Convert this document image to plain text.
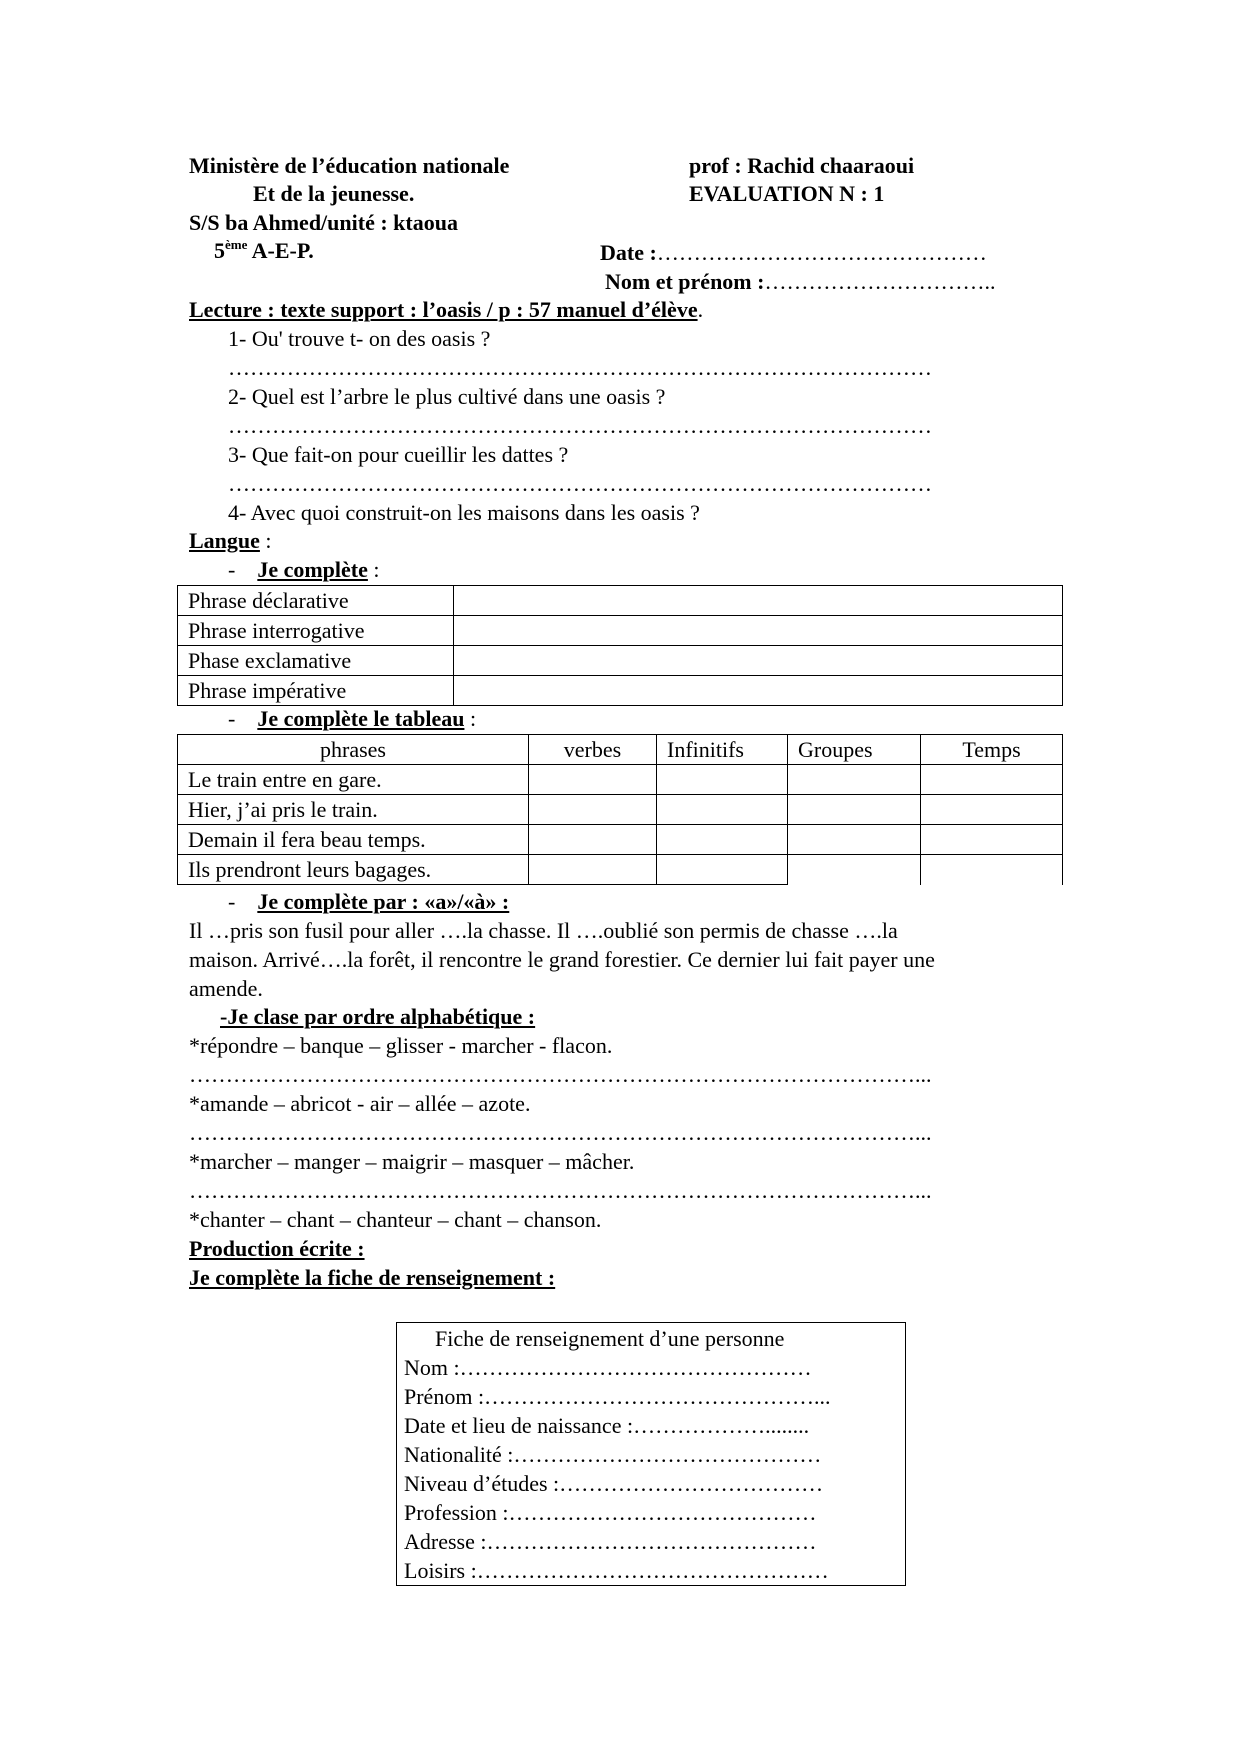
Ministère de l’éducation nationale
Et de la jeunesse.
S/S ba Ahmed/unité : ktaoua
5ème A-E-P.
prof : Rachid chaaraoui
EVALUATION N : 1
Date :………………………………………
Nom et prénom :…………………………..
Lecture : texte support : l’oasis / p : 57 manuel d’élève.
1- Ou' trouve t- on des oasis ?
……………………………………………………………………………………
2- Quel est l’arbre le plus cultivé dans une oasis ?
……………………………………………………………………………………
3- Que fait-on pour cueillir les dattes ?
……………………………………………………………………………………
4- Avec quoi construit-on les maisons dans les oasis ?
Langue :
- Je complète :
Phrase déclarative	
Phrase interrogative	
Phase exclamative	
Phrase impérative	
- Je complète le tableau :
phrases	verbes	Infinitifs	Groupes	Temps
Le train entre en gare.				
Hier, j’ai pris le train.				
Demain il fera beau temps.				
Ils prendront leurs bagages.				
- Je complète par : «a»/«à» :
Il …pris son fusil pour aller ….la chasse. Il ….oublié son permis de chasse ….la
maison. Arrivé….la forêt, il rencontre le grand forestier. Ce dernier lui fait payer une
amende.
-Je clase par ordre alphabétique :
*répondre – banque – glisser - marcher - flacon.
………………………………………………………………………………………...
*amande – abricot - air – allée – azote.
………………………………………………………………………………………...
*marcher – manger – maigrir – masquer – mâcher.
………………………………………………………………………………………...
*chanter – chant – chanteur – chant – chanson.
Production écrite :
Je complète la fiche de renseignement :
Fiche de renseignement d’une personne
Nom :…………………………………………
Prénom :………………………………………...
Date et lieu de naissance :………………........
Nationalité :……………………………………
Niveau d’études :………………………………
Profession :……………………………………
Adresse :………………………………………
Loisirs :…………………………………………
